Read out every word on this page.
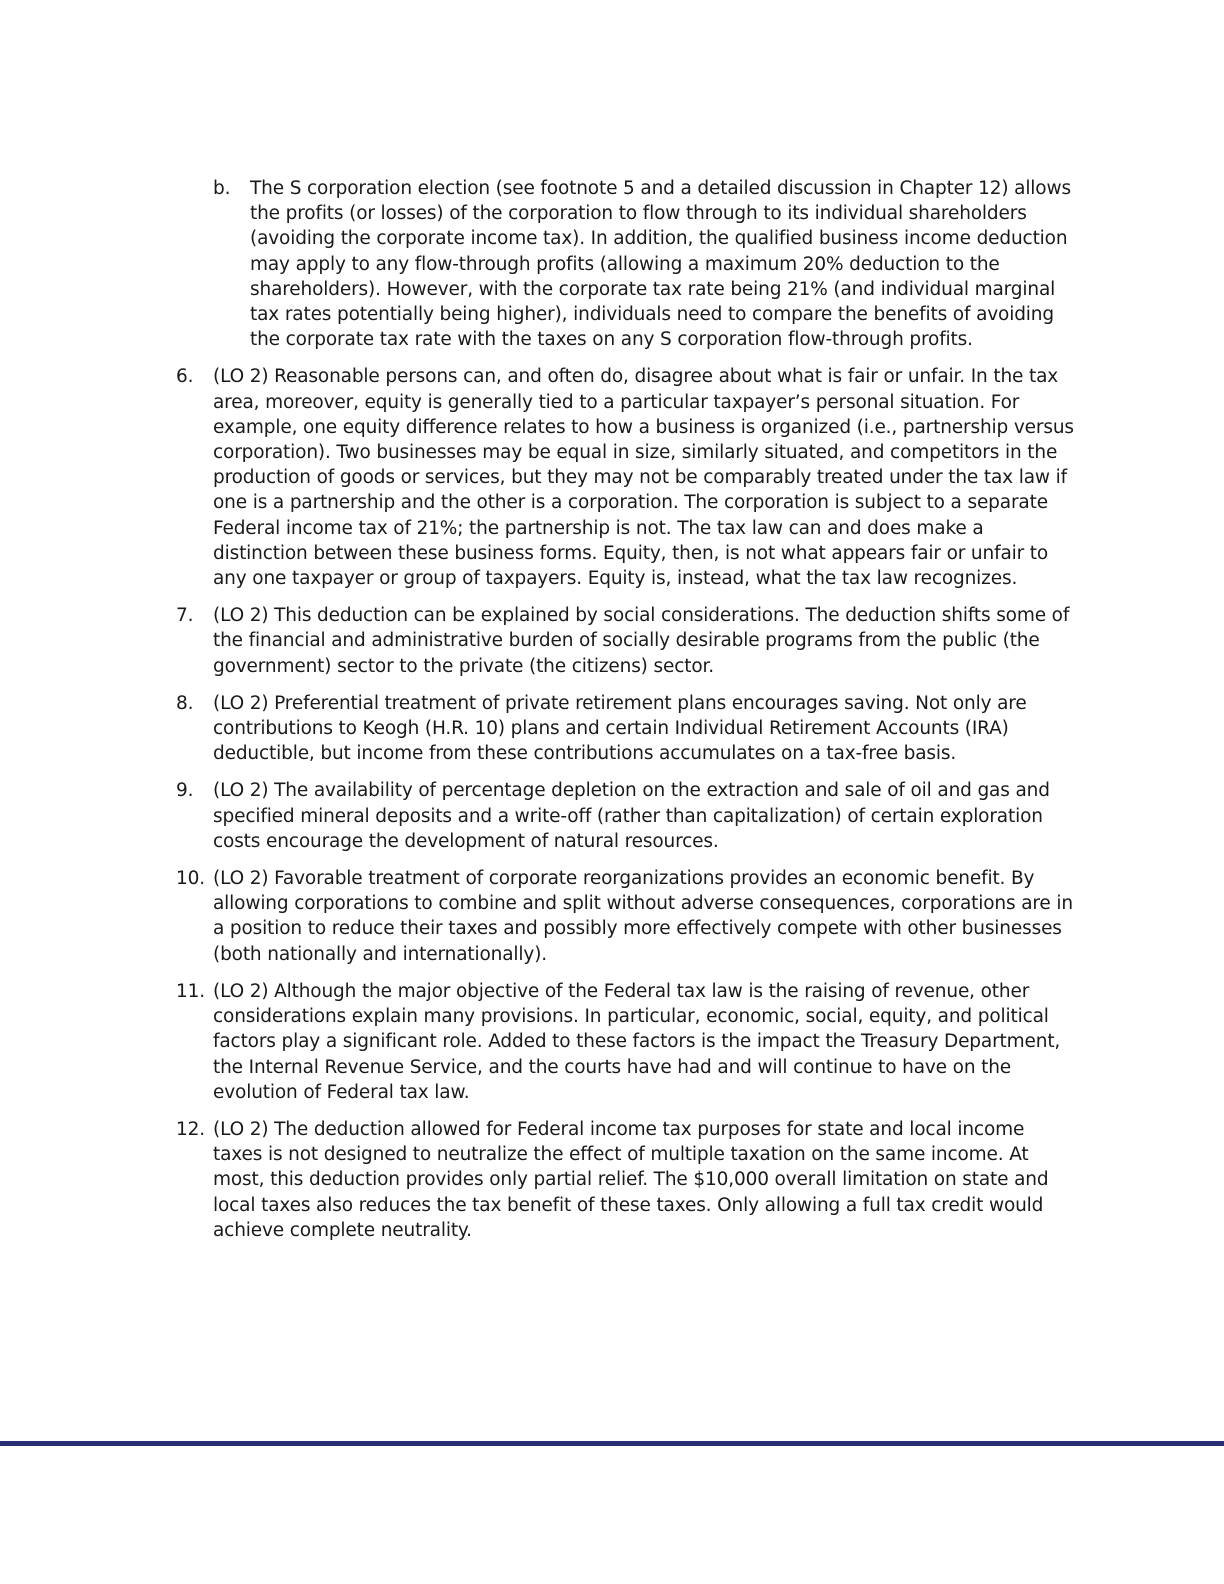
b.	The S corporation election (see footnote 5 and a detailed discussion in Chapter 12) allows the profits (or losses) of the corporation to flow through to its individual shareholders (avoiding the corporate income tax). In addition, the qualified business income deduction may apply to any flow-through profits (allowing a maximum 20% deduction to the shareholders). However, with the corporate tax rate being 21% (and individual marginal tax rates potentially being higher), individuals need to compare the benefits of avoiding the corporate tax rate with the taxes on any S corporation flow-through profits.
6.	(LO 2) Reasonable persons can, and often do, disagree about what is fair or unfair. In the tax area, moreover, equity is generally tied to a particular taxpayer’s personal situation. For example, one equity difference relates to how a business is organized (i.e., partnership versus corporation). Two businesses may be equal in size, similarly situated, and competitors in the production of goods or services, but they may not be comparably treated under the tax law if one is a partnership and the other is a corporation. The corporation is subject to a separate Federal income tax of 21%; the partnership is not. The tax law can and does make a distinction between these business forms. Equity, then, is not what appears fair or unfair to any one taxpayer or group of taxpayers. Equity is, instead, what the tax law recognizes.
7.	(LO 2) This deduction can be explained by social considerations. The deduction shifts some of the financial and administrative burden of socially desirable programs from the public (the government) sector to the private (the citizens) sector.
8.	(LO 2) Preferential treatment of private retirement plans encourages saving. Not only are contributions to Keogh (H.R. 10) plans and certain Individual Retirement Accounts (IRA) deductible, but income from these contributions accumulates on a tax-free basis.
9.	(LO 2) The availability of percentage depletion on the extraction and sale of oil and gas and specified mineral deposits and a write-off (rather than capitalization) of certain exploration costs encourage the development of natural resources.
10. (LO 2) Favorable treatment of corporate reorganizations provides an economic benefit. By allowing corporations to combine and split without adverse consequences, corporations are in a position to reduce their taxes and possibly more effectively compete with other businesses (both nationally and internationally).
11. (LO 2) Although the major objective of the Federal tax law is the raising of revenue, other considerations explain many provisions. In particular, economic, social, equity, and political factors play a significant role. Added to these factors is the impact the Treasury Department, the Internal Revenue Service, and the courts have had and will continue to have on the evolution of Federal tax law.
12. (LO 2) The deduction allowed for Federal income tax purposes for state and local income taxes is not designed to neutralize the effect of multiple taxation on the same income. At most, this deduction provides only partial relief. The $10,000 overall limitation on state and local taxes also reduces the tax benefit of these taxes. Only allowing a full tax credit would achieve complete neutrality.
